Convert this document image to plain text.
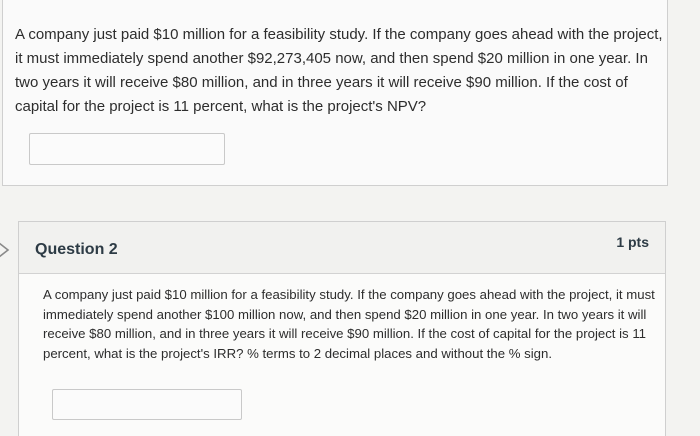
A company just paid $10 million for a feasibility study. If the company goes ahead with the project, it must immediately spend another $92,273,405 now, and then spend $20 million in one year. In two years it will receive $80 million, and in three years it will receive $90 million. If the cost of capital for the project is 11 percent, what is the project's NPV?
Question 2	1 pts
A company just paid $10 million for a feasibility study. If the company goes ahead with the project, it must immediately spend another $100 million now, and then spend $20 million in one year. In two years it will receive $80 million, and in three years it will receive $90 million. If the cost of capital for the project is 11 percent, what is the project's IRR? % terms to 2 decimal places and without the % sign.
